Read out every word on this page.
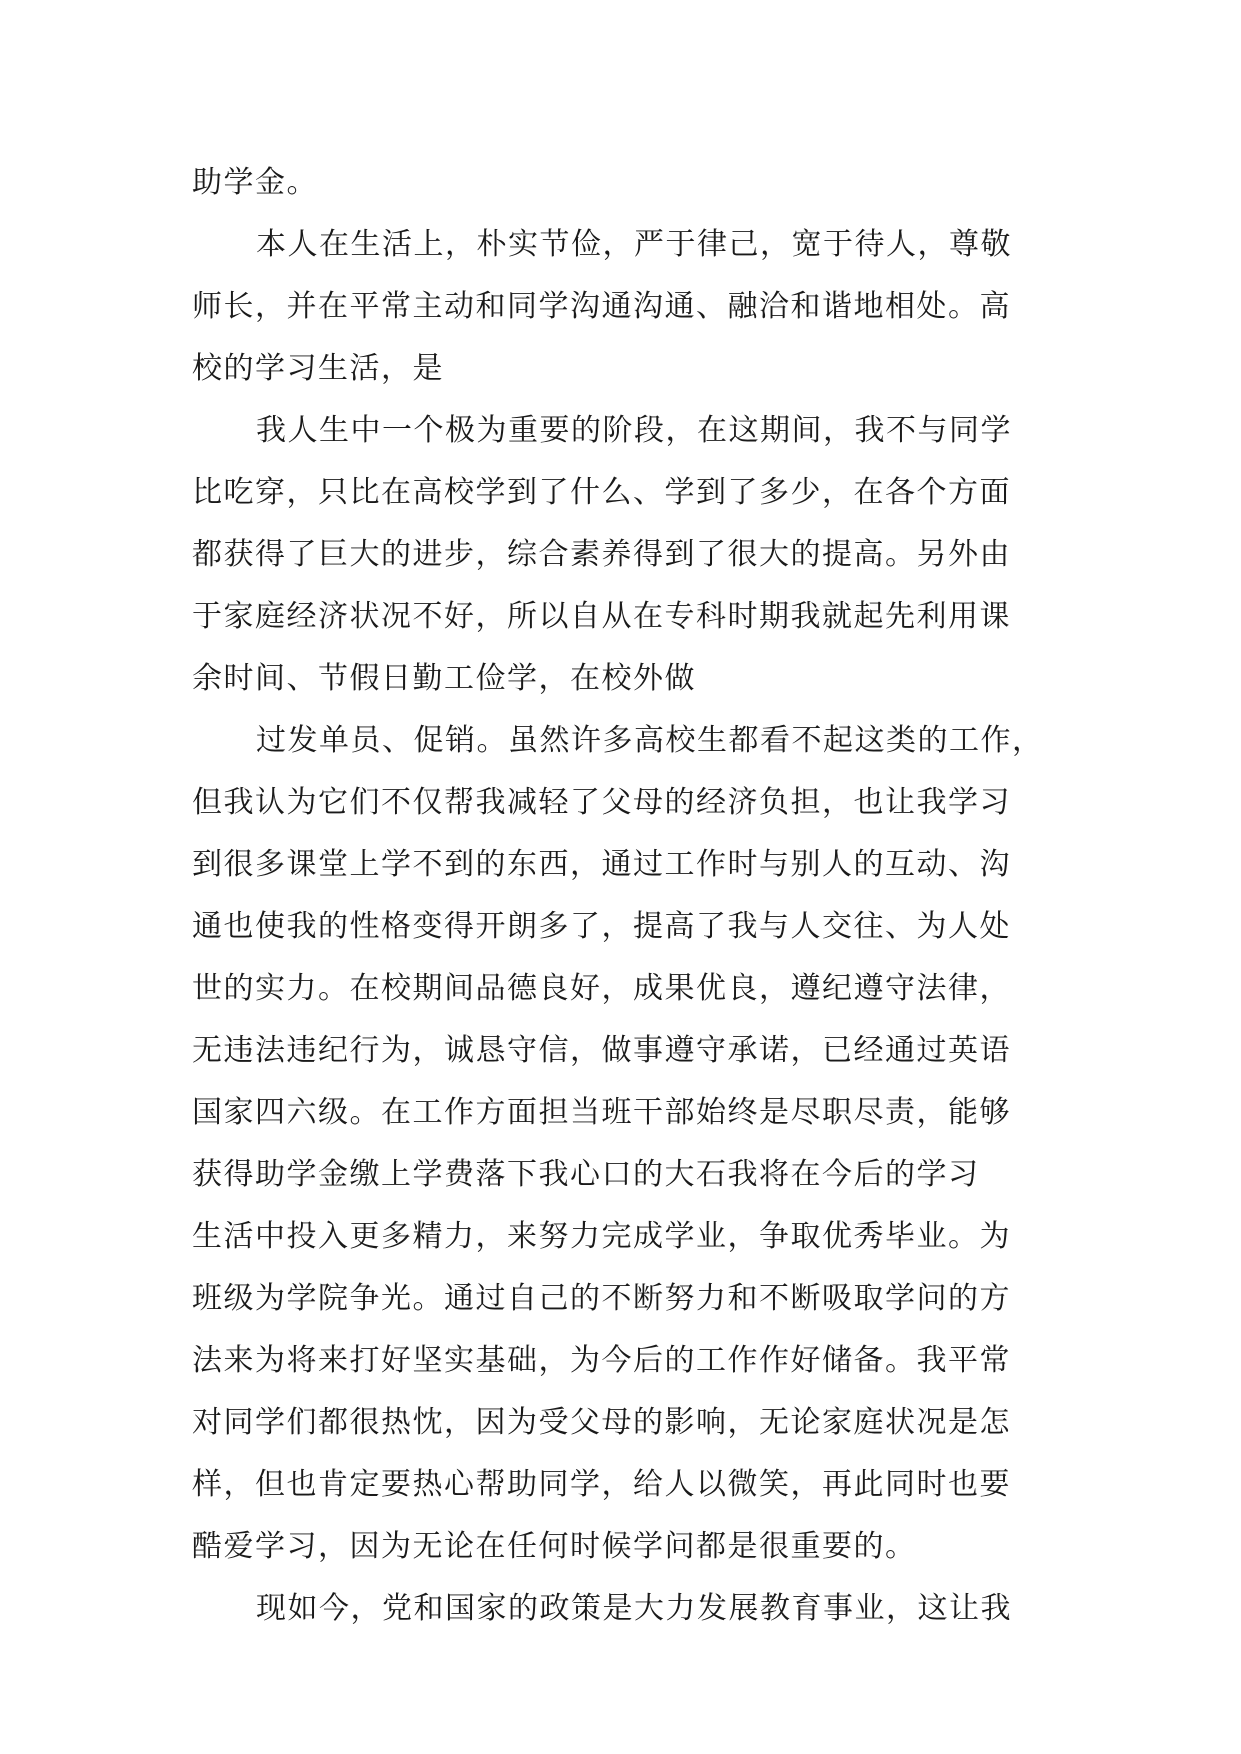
助学金。
本人在生活上，朴实节俭，严于律己，宽于待人，尊敬
师长，并在平常主动和同学沟通沟通、融洽和谐地相处。高
校的学习生活，是
我人生中一个极为重要的阶段，在这期间，我不与同学
比吃穿，只比在高校学到了什么、学到了多少，在各个方面
都获得了巨大的进步，综合素养得到了很大的提高。另外由
于家庭经济状况不好，所以自从在专科时期我就起先利用课
余时间、节假日勤工俭学，在校外做
过发单员、促销。虽然许多高校生都看不起这类的工作，
但我认为它们不仅帮我减轻了父母的经济负担，也让我学习
到很多课堂上学不到的东西，通过工作时与别人的互动、沟
通也使我的性格变得开朗多了，提高了我与人交往、为人处
世的实力。在校期间品德良好，成果优良，遵纪遵守法律，
无违法违纪行为，诚恳守信，做事遵守承诺，已经通过英语
国家四六级。在工作方面担当班干部始终是尽职尽责，能够
获得助学金缴上学费落下我心口的大石我将在今后的学习
生活中投入更多精力，来努力完成学业，争取优秀毕业。为
班级为学院争光。通过自己的不断努力和不断吸取学问的方
法来为将来打好坚实基础，为今后的工作作好储备。我平常
对同学们都很热忱，因为受父母的影响，无论家庭状况是怎
样，但也肯定要热心帮助同学，给人以微笑，再此同时也要
酷爱学习，因为无论在任何时候学问都是很重要的。
现如今，党和国家的政策是大力发展教育事业，这让我
